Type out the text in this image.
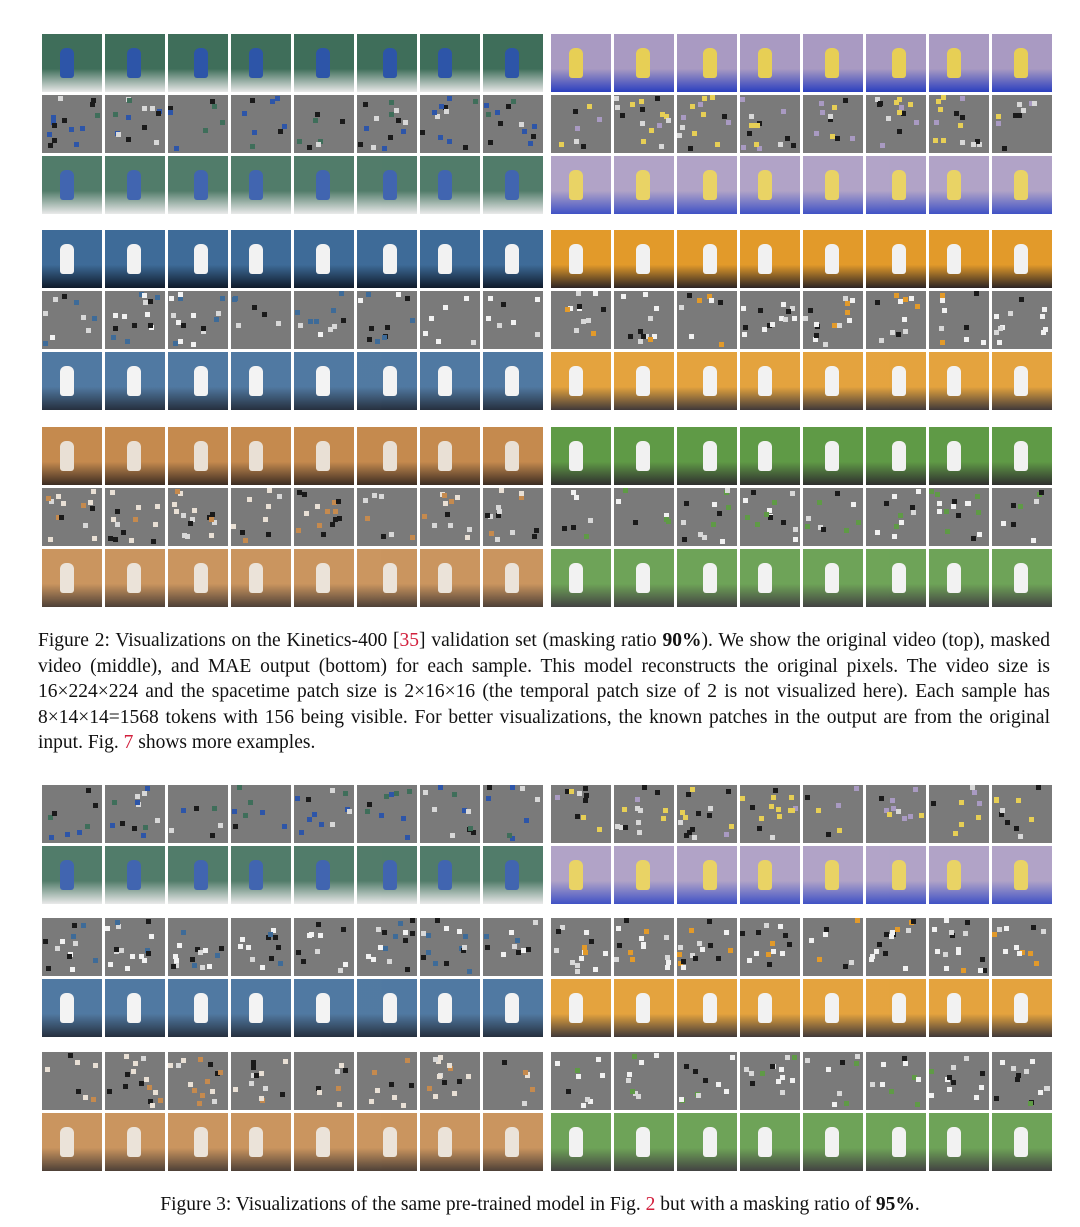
Figure 2: Visualizations on the Kinetics-400 [35] validation set (masking ratio 90%). We show the original video (top), masked video (middle), and MAE output (bottom) for each sample. This model reconstructs the original pixels. The video size is 16×224×224 and the spacetime patch size is 2×16×16 (the temporal patch size of 2 is not visualized here). Each sample has 8×14×14=1568 tokens with 156 being visible. For better visualizations, the known patches in the output are from the original input. Fig. 7 shows more examples.
Figure 3: Visualizations of the same pre-trained model in Fig. 2 but with a masking ratio of 95%.
